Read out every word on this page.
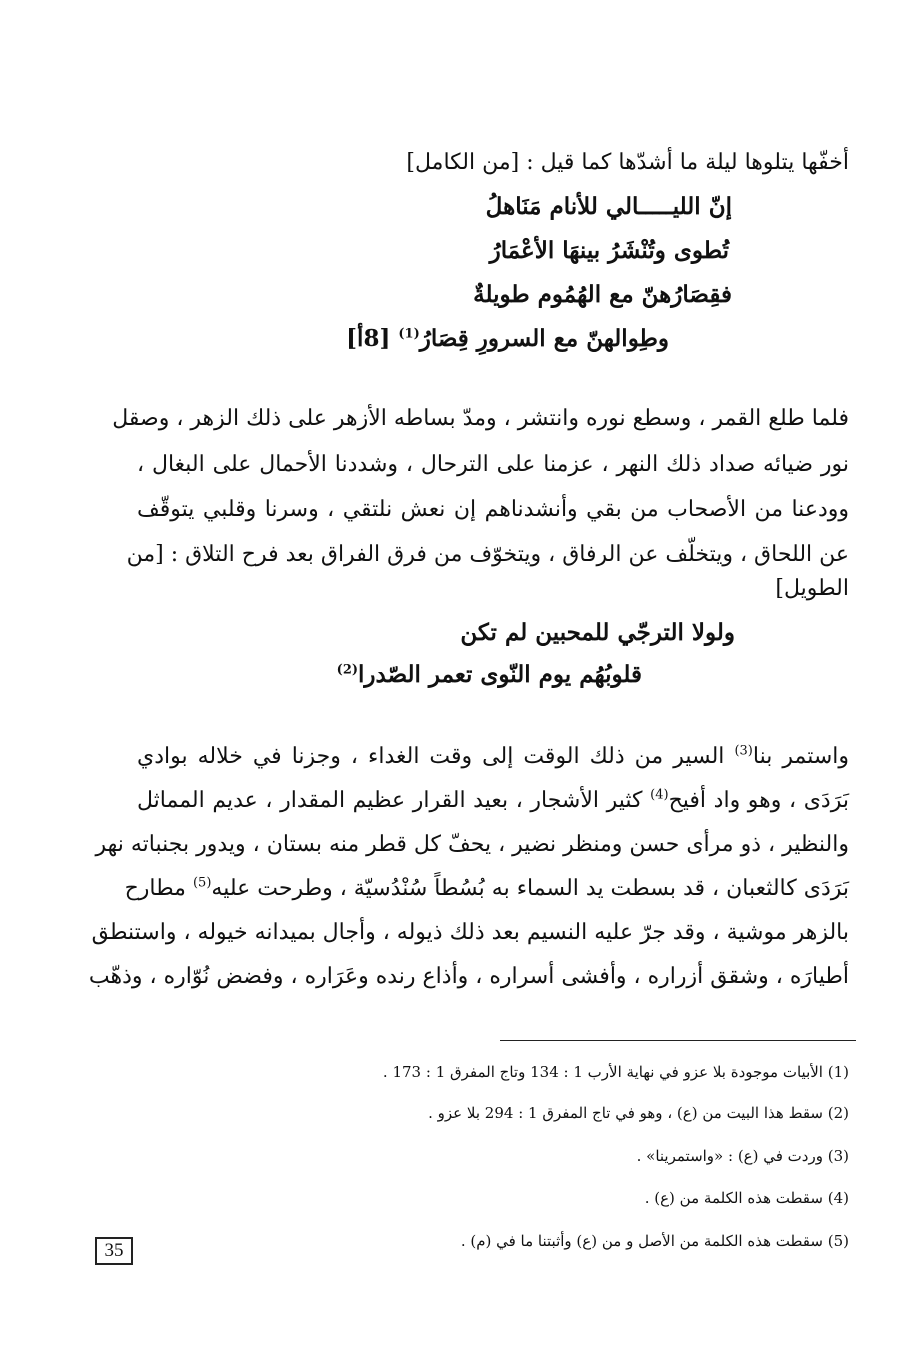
أخفّها يتلوها ليلة ما أشدّها كما قيل : [من الكامل]
إنّ الليـــــالي للأنام مَنَاهلُ
تُطوى وتُنْشَرُ بينهَا الأعْمَارُ
فقِصَارُهنّ مع الهُمُوم طويلةٌ
وطِوالهنّ مع السرورِ قِصَارُ$^{(1)}$ [8أ]
فلما طلع القمر ، وسطع نوره وانتشر ، ومدّ بساطه الأزهر على ذلك الزهر ، وصقل
نور ضيائه صداد ذلك النهر ، عزمنا على الترحال ، وشددنا الأحمال على البغال ،
وودعنا من الأصحاب من بقي وأنشدناهم إن نعش نلتقي ، وسرنا وقلبي يتوقّف
عن اللحاق ، ويتخلّف عن الرفاق ، ويتخوّف من فرق الفراق بعد فرح التلاق : [من
الطويل]
ولولا الترجّي للمحبين لم تكن
قلوبُهُم يوم النّوى تعمر الصّدرا$^{(2)}$
واستمر بنا$^{(3)}$ السير من ذلك الوقت إلى وقت الغداء ، وجزنا في خلاله بوادي
بَرَدَى ، وهو واد أفيح$^{(4)}$ كثير الأشجار ، بعيد القرار عظيم المقدار ، عديم المماثل
والنظير ، ذو مرأى حسن ومنظر نضير ، يحفّ كل قطر منه بستان ، ويدور بجنباته نهر
بَرَدَى كالثعبان ، قد بسطت يد السماء به بُسُطاً سُنْدُسيّة ، وطرحت عليه$^{(5)}$ مطارح
بالزهر موشية ، وقد جرّ عليه النسيم بعد ذلك ذيوله ، وأجال بميدانه خيوله ، واستنطق
أطيارَه ، وشقق أزراره ، وأفشى أسراره ، وأذاع رنده وعَرَاره ، وفضض نُوّاره ، وذهّب
(1) الأبيات موجودة بلا عزو في نهاية الأرب 1 : 134 وتاج المفرق 1 : 173 .
(2) سقط هذا البيت من (ع) ، وهو في تاج المفرق 1 : 294 بلا عزو .
(3) وردت في (ع) : «واستمرينا» .
(4) سقطت هذه الكلمة من (ع) .
(5) سقطت هذه الكلمة من الأصل و من (ع) وأثبتنا ما في (م) .
35
